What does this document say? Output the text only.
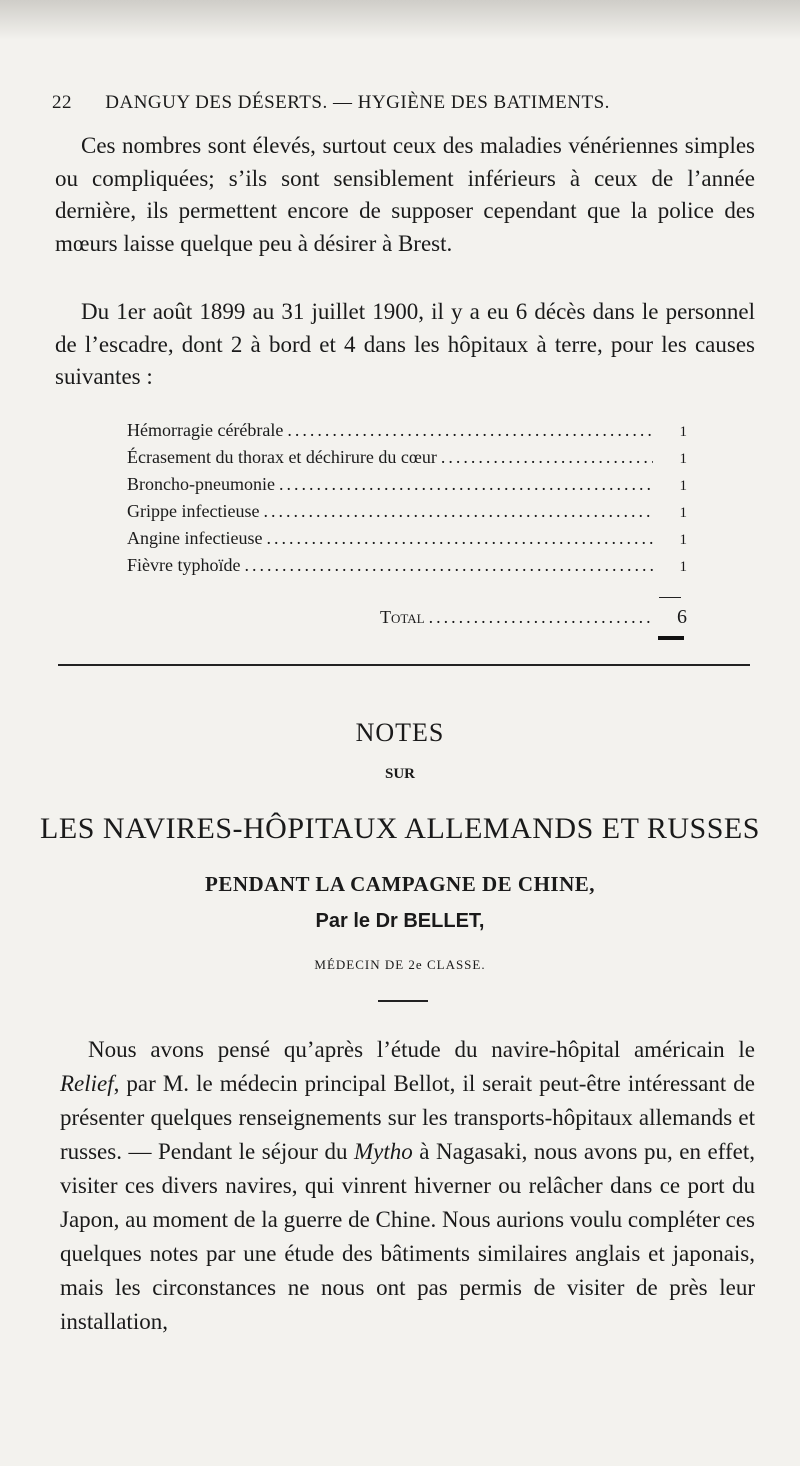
22 DANGUY DES DÉSERTS. — HYGIÈNE DES BATIMENTS.
Ces nombres sont élevés, surtout ceux des maladies vénériennes simples ou compliquées; s’ils sont sensiblement inférieurs à ceux de l’année dernière, ils permettent encore de supposer cependant que la police des mœurs laisse quelque peu à désirer à Brest.
Du 1er août 1899 au 31 juillet 1900, il y a eu 6 décès dans le personnel de l’escadre, dont 2 à bord et 4 dans les hôpitaux à terre, pour les causes suivantes :
Hémorragie cérébrale .....	1
Écrasement du thorax et déchirure du cœur .....	1
Broncho-pneumonie .....	1
Grippe infectieuse .....	1
Angine infectieuse .....	1
Fièvre typhoïde .....	1
Total .....	6
NOTES
SUR
LES NAVIRES-HÔPITAUX ALLEMANDS ET RUSSES
PENDANT LA CAMPAGNE DE CHINE,
Par le Dr BELLET,
MÉDECIN DE 2e CLASSE.
Nous avons pensé qu’après l’étude du navire-hôpital américain le Relief, par M. le médecin principal Bellot, il serait peut-être intéressant de présenter quelques renseignements sur les transports-hôpitaux allemands et russes. — Pendant le séjour du Mytho à Nagasaki, nous avons pu, en effet, visiter ces divers navires, qui vinrent hiverner ou relâcher dans ce port du Japon, au moment de la guerre de Chine. Nous aurions voulu compléter ces quelques notes par une étude des bâtiments similaires anglais et japonais, mais les circonstances ne nous ont pas permis de visiter de près leur installation,
